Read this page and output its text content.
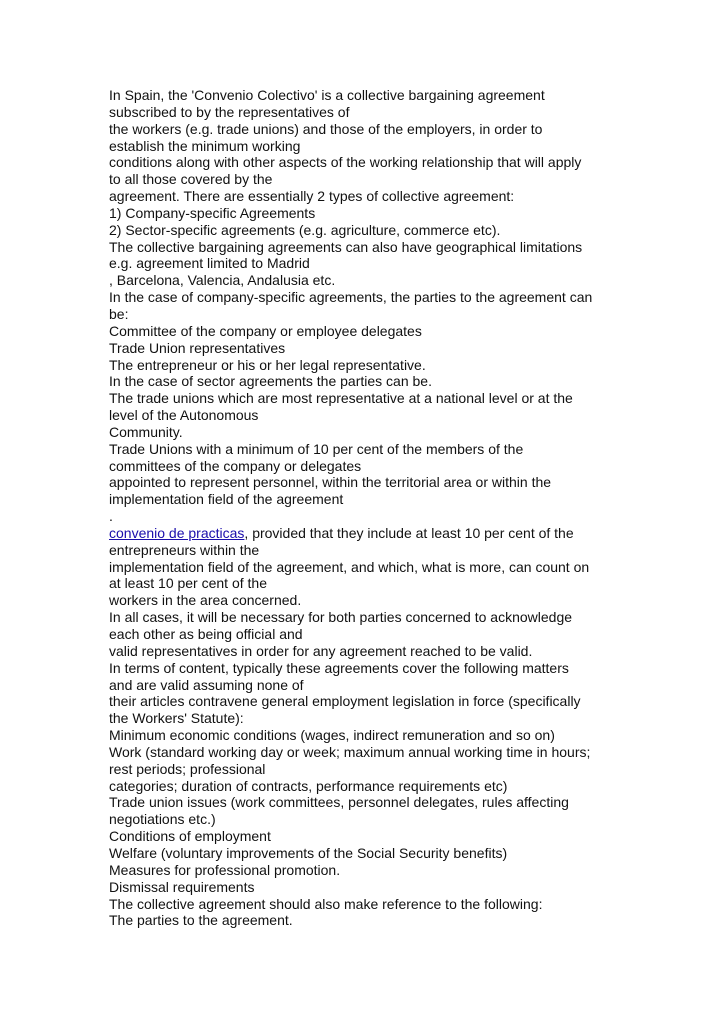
In Spain, the 'Convenio Colectivo' is a collective bargaining agreement
subscribed to by the representatives of
the workers (e.g. trade unions) and those of the employers, in order to
establish the minimum working
conditions along with other aspects of the working relationship that will apply
to all those covered by the
agreement. There are essentially 2 types of collective agreement:
1) Company-specific Agreements
2) Sector-specific agreements (e.g. agriculture, commerce etc).
The collective bargaining agreements can also have geographical limitations
e.g. agreement limited to Madrid
, Barcelona, Valencia, Andalusia etc.
In the case of company-specific agreements, the parties to the agreement can
be:
Committee of the company or employee delegates
Trade Union representatives
The entrepreneur or his or her legal representative.
In the case of sector agreements the parties can be.
The trade unions which are most representative at a national level or at the
level of the Autonomous
Community.
Trade Unions with a minimum of 10 per cent of the members of the
committees of the company or delegates
appointed to represent personnel, within the territorial area or within the
implementation field of the agreement
.
convenio de practicas, provided that they include at least 10 per cent of the
entrepreneurs within the
implementation field of the agreement, and which, what is more, can count on
at least 10 per cent of the
workers in the area concerned.
In all cases, it will be necessary for both parties concerned to acknowledge
each other as being official and
valid representatives in order for any agreement reached to be valid.
In terms of content, typically these agreements cover the following matters
and are valid assuming none of
their articles contravene general employment legislation in force (specifically
the Workers' Statute):
Minimum economic conditions (wages, indirect remuneration and so on)
Work (standard working day or week; maximum annual working time in hours;
rest periods; professional
categories; duration of contracts, performance requirements etc)
Trade union issues (work committees, personnel delegates, rules affecting
negotiations etc.)
Conditions of employment
Welfare (voluntary improvements of the Social Security benefits)
Measures for professional promotion.
Dismissal requirements
The collective agreement should also make reference to the following:
The parties to the agreement.
